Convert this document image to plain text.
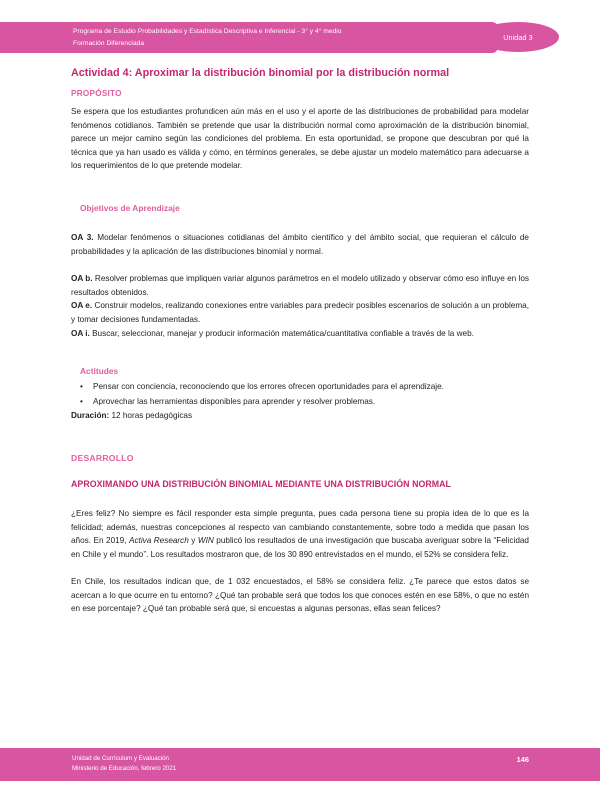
Programa de Estudio Probabilidades y Estadística Descriptiva e Inferencial - 3° y 4° medio
Formación Diferenciada
Unidad 3
Actividad 4: Aproximar la distribución binomial por la distribución normal
PROPÓSITO

Se espera que los estudiantes profundicen aún más en el uso y el aporte de las distribuciones de probabilidad para modelar fenómenos cotidianos. También se pretende que usar la distribución normal como aproximación de la distribución binomial, parece un mejor camino según las condiciones del problema. En esta oportunidad, se propone que descubran por qué la técnica que ya han usado es válida y cómo, en términos generales, se debe ajustar un modelo matemático para adecuarse a los requerimientos de lo que pretende modelar.

Objetivos de Aprendizaje

OA 3. Modelar fenómenos o situaciones cotidianas del ámbito científico y del ámbito social, que requieran el cálculo de probabilidades y la aplicación de las distribuciones binomial y normal.

OA b. Resolver problemas que impliquen variar algunos parámetros en el modelo utilizado y observar cómo eso influye en los resultados obtenidos.

OA e. Construir modelos, realizando conexiones entre variables para predecir posibles escenarios de solución a un problema, y tomar decisiones fundamentadas.

OA i. Buscar, seleccionar, manejar y producir información matemática/cuantitativa confiable a través de la web.

Actitudes
• Pensar con conciencia, reconociendo que los errores ofrecen oportunidades para el aprendizaje.
• Aprovechar las herramientas disponibles para aprender y resolver problemas.

Duración: 12 horas pedagógicas

DESARROLLO
APROXIMANDO UNA DISTRIBUCIÓN BINOMIAL MEDIANTE UNA DISTRIBUCIÓN NORMAL

¿Eres feliz? No siempre es fácil responder esta simple pregunta, pues cada persona tiene su propia idea de lo que es la felicidad; además, nuestras concepciones al respecto van cambiando constantemente, sobre todo a medida que pasan los años. En 2019, Activa Research y WIN publicó los resultados de una investigación que buscaba averiguar sobre la “Felicidad en Chile y el mundo”. Los resultados mostraron que, de los 30 890 entrevistados en el mundo, el 52% se considera feliz.

En Chile, los resultados indican que, de 1 032 encuestados, el 58% se considera feliz. ¿Te parece que estos datos se acercan a lo que ocurre en tu entorno? ¿Qué tan probable será que todos los que conoces estén en ese 58%, o que no estén en ese porcentaje? ¿Qué tan probable será que, si encuestas a algunas personas, ellas sean felices?

Unidad de Currículum y Evaluación
Ministerio de Educación, febrero 2021
146
